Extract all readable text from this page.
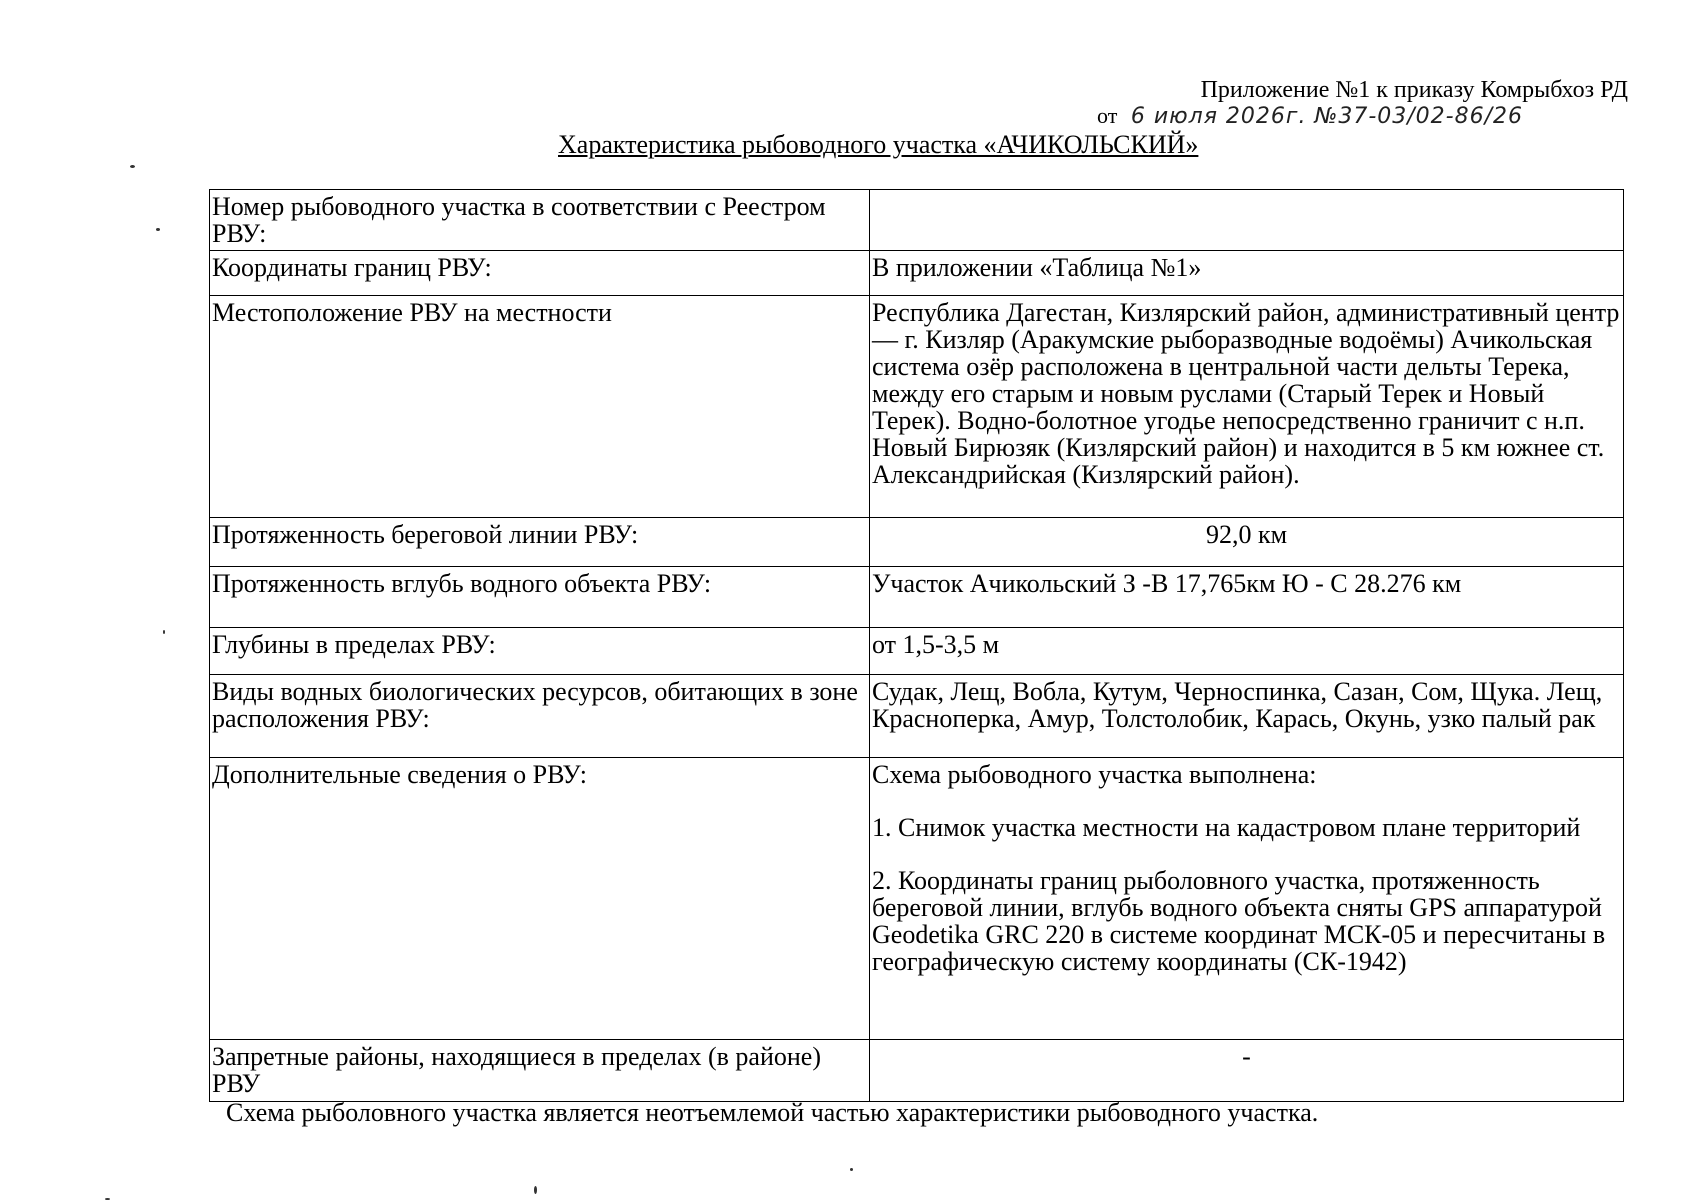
Приложение №1 к приказу Комрыбхоз РД
от 6 июля 2026г. №37-03/02-86/26
Характеристика рыбоводного участка «АЧИКОЛЬСКИЙ»
Номер рыбоводного участка в соответствии с Реестром РВУ:	
Координаты границ РВУ:	В приложении «Таблица №1»
Местоположение РВУ на местности	Республика Дагестан, Кизлярский район, административный центр — г. Кизляр (Аракумские рыборазводные водоёмы) Ачикольская система озёр расположена в центральной части дельты Терека, между его старым и новым руслами (Старый Терек и Новый Терек). Водно-болотное угодье непосредственно граничит с н.п. Новый Бирюзяк (Кизлярский район) и находится в 5 км южнее ст. Александрийская (Кизлярский район).
Протяженность береговой линии РВУ:	92,0 км
Протяженность вглубь водного объекта РВУ:	Участок Ачикольский З -В 17,765км Ю - С 28.276 км
Глубины в пределах РВУ:	от 1,5-3,5 м
Виды водных биологических ресурсов, обитающих в зоне расположения РВУ:	Судак, Лещ, Вобла, Кутум, Черноспинка, Сазан, Сом, Щука. Лещ, Красноперка, Амур, Толстолобик, Карась, Окунь, узко палый рак
Дополнительные сведения о РВУ:	Схема рыбоводного участка выполнена:
1. Снимок участка местности на кадастровом плане территорий
2. Координаты границ рыболовного участка, протяженность береговой линии, вглубь водного объекта сняты GPS аппаратурой Geodetika GRC 220 в системе координат МСК-05 и пересчитаны в географическую систему координаты (СК-1942)

Запретные районы, находящиеся в пределах (в районе) РВУ	-
Схема рыболовного участка является неотъемлемой частью характеристики рыбоводного участка.
